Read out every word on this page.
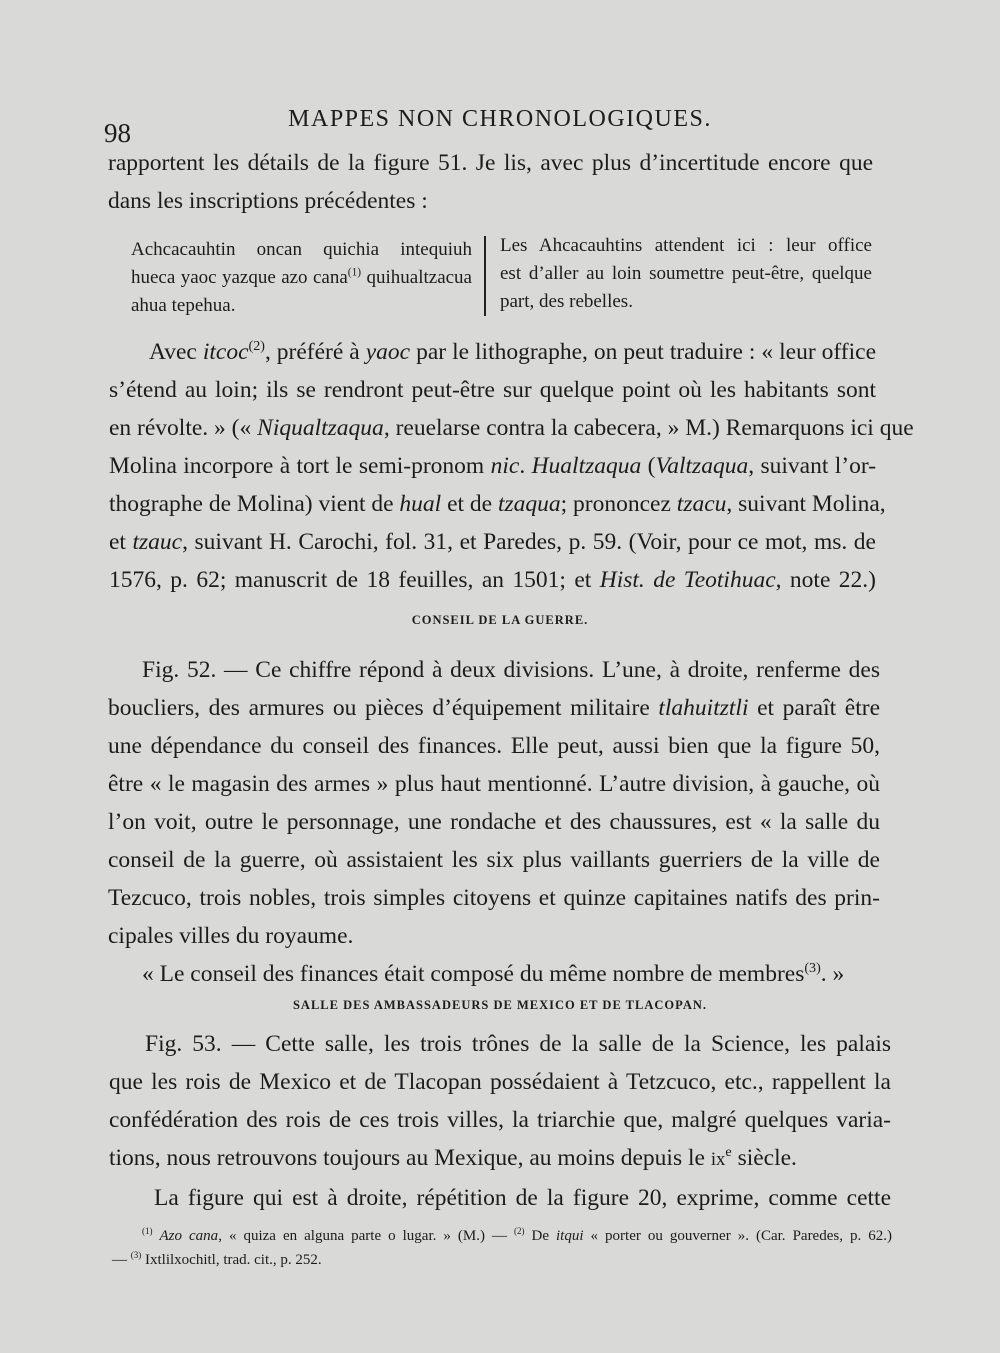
98	MAPPES NON CHRONOLOGIQUES.
rapportent les détails de la figure 51. Je lis, avec plus d’incertitude encore que
dans les inscriptions précédentes :
Achcacauhtin oncan quichia intequiuh
hueca yaoc yazque azo cana$^{(1)}$ quihualtzacua
ahua tepehua.
Les Ahcacauhtins attendent ici : leur office
est d’aller au loin soumettre peut-être, quelque
part, des rebelles.
Avec itcoc$^{(2)}$, préféré à yaoc par le lithographe, on peut traduire : « leur office
s’étend au loin; ils se rendront peut-être sur quelque point où les habitants sont
en révolte. » (« Niqualtzaqua, reuelarse contra la cabecera, » M.) Remarquons ici que
Molina incorpore à tort le semi-pronom nic. Hualtzaqua (Valtzaqua, suivant l’or-
thographe de Molina) vient de hual et de tzaqua; prononcez tzacu, suivant Molina,
et tzauc, suivant H. Carochi, fol. 31, et Paredes, p. 59. (Voir, pour ce mot, ms. de
1576, p. 62; manuscrit de 18 feuilles, an 1501; et Hist. de Teotihuac, note 22.)
CONSEIL DE LA GUERRE.
Fig. 52. — Ce chiffre répond à deux divisions. L’une, à droite, renferme des
boucliers, des armures ou pièces d’équipement militaire tlahuitztli et paraît être
une dépendance du conseil des finances. Elle peut, aussi bien que la figure 50,
être « le magasin des armes » plus haut mentionné. L’autre division, à gauche, où
l’on voit, outre le personnage, une rondache et des chaussures, est « la salle du
conseil de la guerre, où assistaient les six plus vaillants guerriers de la ville de
Tezcuco, trois nobles, trois simples citoyens et quinze capitaines natifs des prin-
cipales villes du royaume.
« Le conseil des finances était composé du même nombre de membres$^{(3)}$. »
SALLE DES AMBASSADEURS DE MEXICO ET DE TLACOPAN.
Fig. 53. — Cette salle, les trois trônes de la salle de la Science, les palais
que les rois de Mexico et de Tlacopan possédaient à Tetzcuco, etc., rappellent la
confédération des rois de ces trois villes, la triarchie que, malgré quelques varia-
tions, nous retrouvons toujours au Mexique, au moins depuis le $ix^e$ siècle.
La figure qui est à droite, répétition de la figure 20, exprime, comme cette
$^{(1)}$ Azo cana, « quiza en alguna parte o lugar. » (M.) — $^{(2)}$ De itqui « porter ou gouverner ». (Car. Paredes, p. 62.)
— $^{(3)}$ Ixtlilxochitl, trad. cit., p. 252.
